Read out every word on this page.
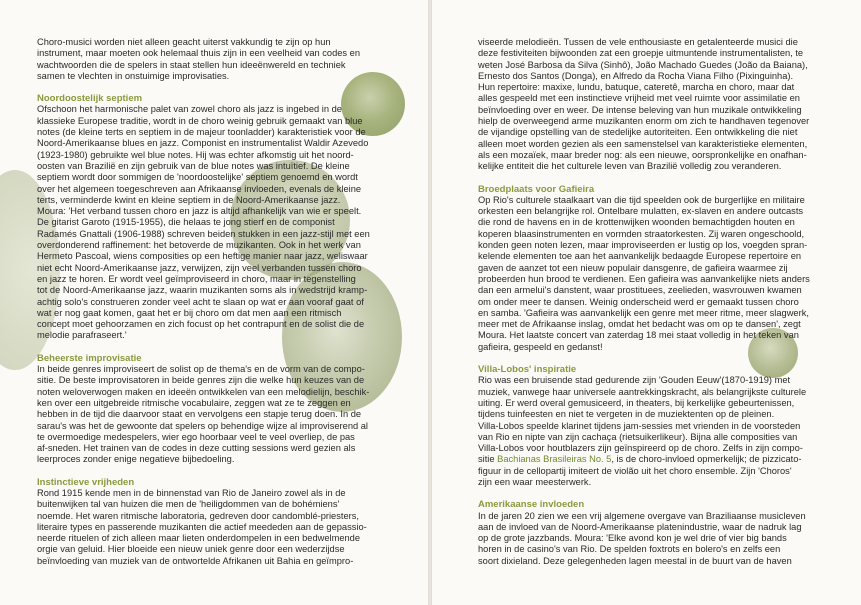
Choro-musici worden niet alleen geacht uiterst vakkundig te zijn op hun
instrument, maar moeten ook helemaal thuis zijn in een veelheid van codes en
wachtwoorden die de spelers in staat stellen hun ideeënwereld en techniek
samen te vlechten in onstuimige improvisaties.
Noordoostelijk septiem
Ofschoon het harmonische palet van zowel choro als jazz is ingebed in de
klassieke Europese traditie, wordt in de choro weinig gebruik gemaakt van blue
notes (de kleine terts en septiem in de majeur toonladder) karakteristiek voor de
Noord-Amerikaanse blues en jazz. Componist en instrumentalist Waldir Azevedo
(1923-1980) gebruikte wel blue notes. Hij was echter afkomstig uit het noord-
oosten van Brazilië en zijn gebruik van de blue notes was intuïtief. De kleine
septiem wordt door sommigen de 'noordoostelijke' septiem genoemd en wordt
over het algemeen toegeschreven aan Afrikaanse invloeden, evenals de kleine
terts, verminderde kwint en kleine septiem in de Noord-Amerikaanse jazz.
Moura: 'Het verband tussen choro en jazz is altijd afhankelijk van wie er speelt.
De gitarist Garoto (1915-1955), die helaas te jong stierf en de componist
Radamés Gnattali (1906-1988) schreven beiden stukken in een jazz-stijl met een
overdonderend raffinement: het betoverde de muzikanten. Ook in het werk van
Hermeto Pascoal, wiens composities op een heftige manier naar jazz, weliswaar
niet echt Noord-Amerikaanse jazz, verwijzen, zijn veel verbanden tussen choro
en jazz te horen. Er wordt veel geïmproviseerd in choro, maar in tegenstelling
tot de Noord-Amerikaanse jazz, waarin muzikanten soms als in wedstrijd kramp-
achtig solo's construeren zonder veel acht te slaan op wat er aan vooraf gaat of
wat er nog gaat komen, gaat het er bij choro om dat men aan een ritmisch
concept moet gehoorzamen en zich focust op het contrapunt en de solist die de
melodie parafraseert.'
Beheerste improvisatie
In beide genres improviseert de solist op de thema's en de vorm van de compo-
sitie. De beste improvisatoren in beide genres zijn die welke hun keuzes van de
noten weloverwogen maken en ideeën ontwikkelen van een melodielijn, beschik-
ken over een uitgebreide ritmische vocabulaire, zeggen wat ze te zeggen en
hebben in de tijd die daarvoor staat en vervolgens een stapje terug doen. In de
sarau's was het de gewoonte dat spelers op behendige wijze al improviserend al
te overmoedige medespelers, wier ego hoorbaar veel te veel overliep, de pas
af-sneden. Het trainen van de codes in deze cutting sessions werd gezien als
leerproces zonder enige negatieve bijbedoeling.
Instinctieve vrijheden
Rond 1915 kende men in de binnenstad van Rio de Janeiro zowel als in de
buitenwijken tal van huizen die men de 'heiligdommen van de bohémiens'
noemde. Het waren ritmische laboratoria, gedreven door candomblé-priesters,
literaire types en passerende muzikanten die actief meededen aan de gepassio-
neerde rituelen of zich alleen maar lieten onderdompelen in een bedwelmende
orgie van geluid. Hier bloeide een nieuw uniek genre door een wederzijdse
beïnvloeding van muziek van de ontwortelde Afrikanen uit Bahia en geïmpro-
viseerde melodieën. Tussen de vele enthousiaste en getalenteerde musici die
deze festiviteiten bijwoonden zat een groepje uitmuntende instrumentalisten, te
weten José Barbosa da Silva (Sinhô), João Machado Guedes (João da Baiana),
Ernesto dos Santos (Donga), en Alfredo da Rocha Viana Filho (Pixinguinha).
Hun repertoire: maxixe, lundu, batuque, cateretê, marcha en choro, maar dat
alles gespeeld met een instinctieve vrijheid met veel ruimte voor assimilatie en
beïnvloeding over en weer. De intense beleving van hun muzikale ontwikkeling
hielp de overweegend arme muzikanten enorm om zich te handhaven tegenover
de vijandige opstelling van de stedelijke autoriteiten. Een ontwikkeling die niet
alleen moet worden gezien als een samenstelsel van karakteristieke elementen,
als een mozaïek, maar breder nog: als een nieuwe, oorspronkelijke en onafhan-
kelijke entiteit die het culturele leven van Brazilië volledig zou veranderen.
Broedplaats voor Gafieira
Op Rio's culturele staalkaart van die tijd speelden ook de burgerlijke en militaire
orkesten een belangrijke rol. Ontelbare mulatten, ex-slaven en andere outcasts
die rond de havens en in de krottenwijken woonden bemachtigden houten en
koperen blaasinstrumenten en vormden straatorkesten. Zij waren ongeschoold,
konden geen noten lezen, maar improviseerden er lustig op los, voegden spran-
kelende elementen toe aan het aanvankelijk bedaagde Europese repertoire en
gaven de aanzet tot een nieuw populair dansgenre, de gafieira waarmee zij
probeerden hun brood te verdienen. Een gafieira was aanvankelijke niets anders
dan een armelui's danstent, waar prostituees, zeelieden, wasvrouwen kwamen
om onder meer te dansen. Weinig onderscheid werd er gemaakt tussen choro
en samba. 'Gafieira was aanvankelijk een genre met meer ritme, meer slagwerk,
meer met de Afrikaanse inslag, omdat het bedacht was om op te dansen', zegt
Moura. Het laatste concert van zaterdag 18 mei staat volledig in het teken van
gafieira, gespeeld en gedanst!
Villa-Lobos' inspiratie
Rio was een bruisende stad gedurende zijn 'Gouden Eeuw'(1870-1919) met
muziek, vanwege haar universele aantrekkingskracht, als belangrijkste culturele
uiting. Er werd overal gemusiceerd, in theaters, bij kerkelijke gebeurtenissen,
tijdens tuinfeesten en niet te vergeten in de muziektenten op de pleinen.
Villa-Lobos speelde klarinet tijdens jam-sessies met vrienden in de voorsteden
van Rio en nipte van zijn cachaça (rietsuikerlikeur). Bijna alle composities van
Villa-Lobos voor houtblazers zijn geïnspireerd op de choro. Zelfs in zijn compo-
sitie Bachianas Brasileiras No. 5, is de choro-invloed opmerkelijk; de pizzicato-
figuur in de cellopartij imiteert de violão uit het choro ensemble. Zijn 'Choros'
zijn een waar meesterwerk.
Amerikaanse invloeden
In de jaren 20 zien we een vrij algemene overgave van Braziliaanse musicleven
aan de invloed van de Noord-Amerikaanse platenindustrie, waar de nadruk lag
op de grote jazzbands. Moura: 'Elke avond kon je wel drie of vier big bands
horen in de casino's van Rio. De spelden foxtrots en bolero's en zelfs een
soort dixieland. Deze gelegenheden lagen meestal in de buurt van de haven
